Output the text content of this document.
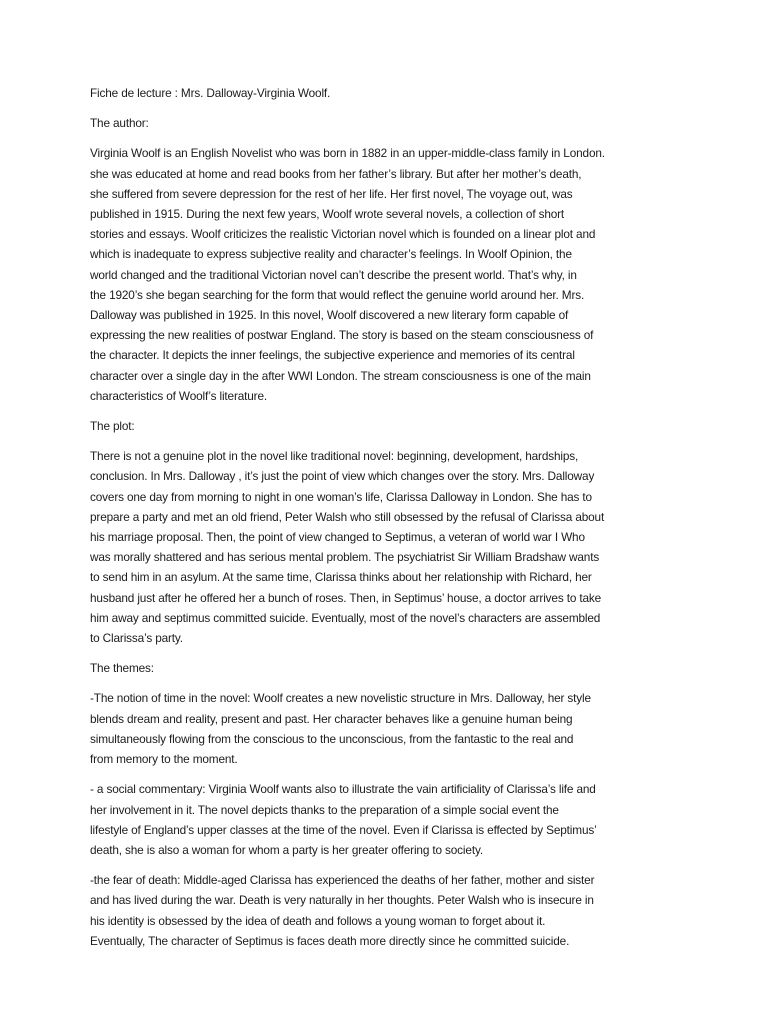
Fiche de lecture : Mrs. Dalloway-Virginia Woolf.

The author:

Virginia Woolf is an English Novelist who was born in 1882 in an upper-middle-class family in London.
she was educated at home and read books from her father’s library. But after her mother’s death,
she suffered from severe depression for the rest of her life. Her first novel, The voyage out, was
published in 1915. During the next few years, Woolf wrote several novels, a collection of short
stories and essays. Woolf criticizes the realistic Victorian novel which is founded on a linear plot and
which is inadequate to express subjective reality and character’s feelings. In Woolf Opinion, the
world changed and the traditional Victorian novel can’t describe the present world. That’s why, in
the 1920’s she began searching for the form that would reflect the genuine world around her. Mrs.
Dalloway was published in 1925. In this novel, Woolf discovered a new literary form capable of
expressing the new realities of postwar England. The story is based on the steam consciousness of
the character. It depicts the inner feelings, the subjective experience and memories of its central
character over a single day in the after WWI London. The stream consciousness is one of the main
characteristics of Woolf’s literature.

The plot:

There is not a genuine plot in the novel like traditional novel: beginning, development, hardships,
conclusion. In Mrs. Dalloway , it’s just the point of view which changes over the story. Mrs. Dalloway
covers one day from morning to night in one woman’s life, Clarissa Dalloway in London. She has to
prepare a party and met an old friend, Peter Walsh who still obsessed by the refusal of Clarissa about
his marriage proposal. Then, the point of view changed to Septimus, a veteran of world war I Who
was morally shattered and has serious mental problem. The psychiatrist Sir William Bradshaw wants
to send him in an asylum. At the same time, Clarissa thinks about her relationship with Richard, her
husband just after he offered her a bunch of roses. Then, in Septimus’ house, a doctor arrives to take
him away and septimus committed suicide. Eventually, most of the novel’s characters are assembled
to Clarissa’s party.

The themes:

-The notion of time in the novel: Woolf creates a new novelistic structure in Mrs. Dalloway, her style
blends dream and reality, present and past. Her character behaves like a genuine human being
simultaneously flowing from the conscious to the unconscious, from the fantastic to the real and
from memory to the moment.

- a social commentary: Virginia Woolf wants also to illustrate the vain artificiality of Clarissa’s life and
her involvement in it. The novel depicts thanks to the preparation of a simple social event the
lifestyle of England’s upper classes at the time of the novel. Even if Clarissa is effected by Septimus’
death, she is also a woman for whom a party is her greater offering to society.

-the fear of death: Middle-aged Clarissa has experienced the deaths of her father, mother and sister
and has lived during the war. Death is very naturally in her thoughts. Peter Walsh who is insecure in
his identity is obsessed by the idea of death and follows a young woman to forget about it.
Eventually, The character of Septimus is faces death more directly since he committed suicide.
